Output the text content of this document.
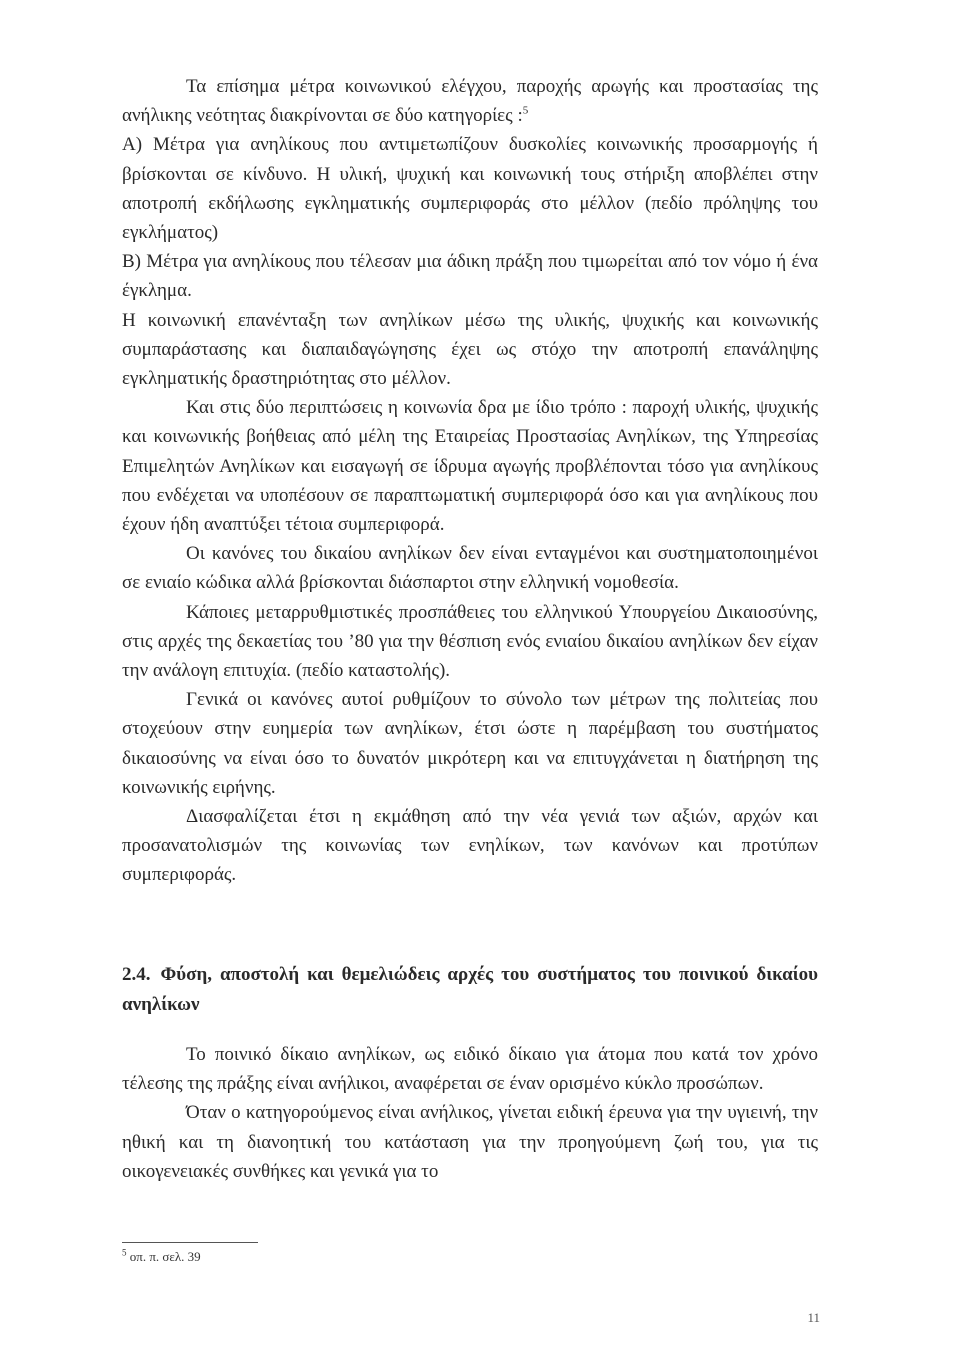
Τα επίσημα μέτρα κοινωνικού ελέγχου, παροχής αρωγής και προστασίας της ανήλικης νεότητας διακρίνονται σε δύο κατηγορίες :$^5$

Α) Μέτρα για ανηλίκους που αντιμετωπίζουν δυσκολίες κοινωνικής προσαρμογής ή βρίσκονται σε κίνδυνο. Η υλική, ψυχική και κοινωνική τους στήριξη αποβλέπει στην αποτροπή εκδήλωσης εγκληματικής συμπεριφοράς στο μέλλον (πεδίο πρόληψης του εγκλήματος)

Β) Μέτρα για ανηλίκους που τέλεσαν μια άδικη πράξη που τιμωρείται από τον νόμο ή ένα έγκλημα.

Η κοινωνική επανένταξη των ανηλίκων μέσω της υλικής, ψυχικής και κοινωνικής συμπαράστασης και διαπαιδαγώγησης έχει ως στόχο την αποτροπή επανάληψης εγκληματικής δραστηριότητας στο μέλλον.

Και στις δύο περιπτώσεις η κοινωνία δρα με ίδιο τρόπο : παροχή υλικής, ψυχικής και κοινωνικής βοήθειας από μέλη της Εταιρείας Προστασίας Ανηλίκων, της Υπηρεσίας Επιμελητών Ανηλίκων και εισαγωγή σε ίδρυμα αγωγής προβλέπονται τόσο για ανηλίκους που ενδέχεται να υποπέσουν σε παραπτωματική συμπεριφορά όσο και για ανηλίκους που έχουν ήδη αναπτύξει τέτοια συμπεριφορά.

Οι κανόνες του δικαίου ανηλίκων δεν είναι ενταγμένοι και συστηματοποιημένοι σε ενιαίο κώδικα αλλά βρίσκονται διάσπαρτοι στην ελληνική νομοθεσία.

Κάποιες μεταρρυθμιστικές προσπάθειες του ελληνικού Υπουργείου Δικαιοσύνης, στις αρχές της δεκαετίας του ’80 για την θέσπιση ενός ενιαίου δικαίου ανηλίκων δεν είχαν την ανάλογη επιτυχία. (πεδίο καταστολής).

Γενικά οι κανόνες αυτοί ρυθμίζουν το σύνολο των μέτρων της πολιτείας που στοχεύουν στην ευημερία των ανηλίκων, έτσι ώστε η παρέμβαση του συστήματος δικαιοσύνης να είναι όσο το δυνατόν μικρότερη και να επιτυγχάνεται η διατήρηση της κοινωνικής ειρήνης.

Διασφαλίζεται έτσι η εκμάθηση από την νέα γενιά των αξιών, αρχών και προσανατολισμών της κοινωνίας των ενηλίκων, των κανόνων και προτύπων συμπεριφοράς.

2.4. Φύση, αποστολή και θεμελιώδεις αρχές του συστήματος του ποινικού δικαίου ανηλίκων

Το ποινικό δίκαιο ανηλίκων, ως ειδικό δίκαιο για άτομα που κατά τον χρόνο τέλεσης της πράξης είναι ανήλικοι, αναφέρεται σε έναν ορισμένο κύκλο προσώπων.

Όταν ο κατηγορούμενος είναι ανήλικος, γίνεται ειδική έρευνα για την υγιεινή, την ηθική και τη διανοητική του κατάσταση για την προηγούμενη ζωή του, για τις οικογενειακές συνθήκες και γενικά για το

$^5$ οπ. π. σελ. 39
11
